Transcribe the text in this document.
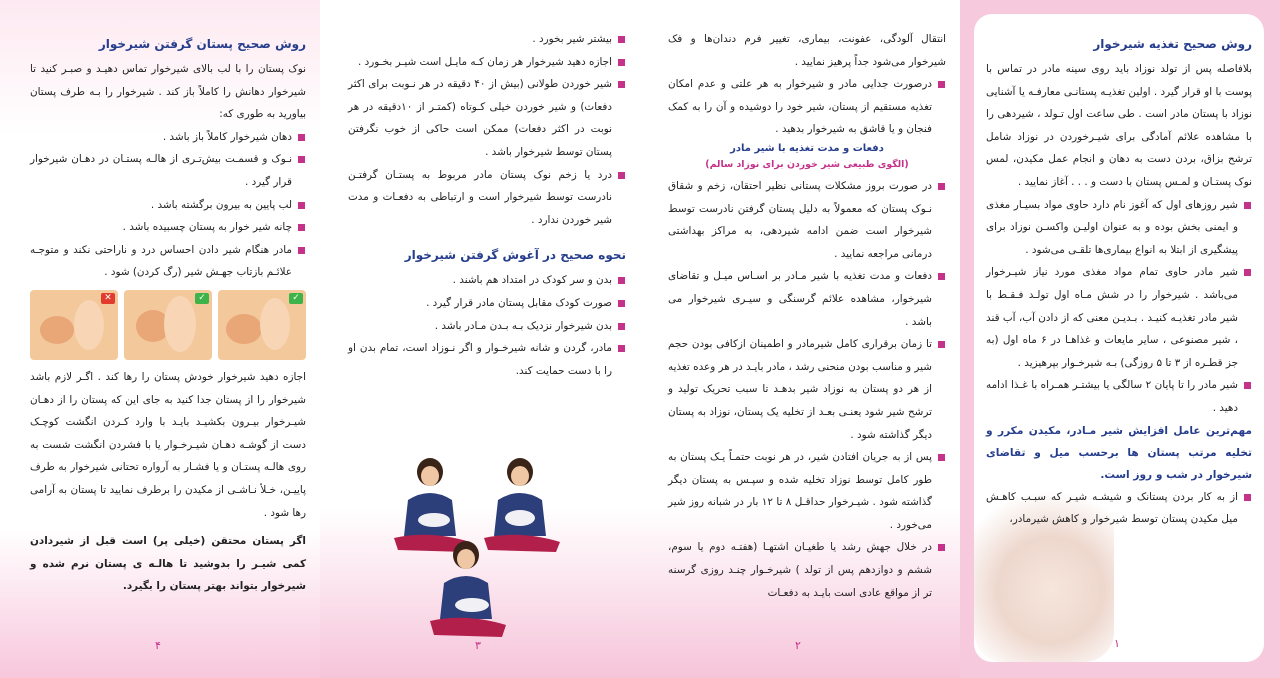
روش صحیح پستان گرفتن شیرخوار

نوک پستان را با لب بالای شیرخوار تماس دهیـد و صبـر کنید تا شیرخوار دهانش را کاملاً باز کند . شیرخوار را بـه طرف پستان بیاورید به طوری که:

دهان شیرخوار کاملاً باز باشد .
نـوک و قسمـت بیش‌تـری از هالـه پستـان در دهـان شیرخوار قرار گیرد .
لب پایین به بیرون برگشته باشد .
چانه شیر خوار به پستان چسبیده باشد .
مادر هنگام شیر دادن احساس درد و ناراحتی نکند و متوجـه علائـم بازتاب جهـش شیر (رگ کردن) شود .
✓
✓
✕

اجازه دهید شیرخوار خودش پستان را رها کند . اگـر لازم باشد شیرخوار را از پستان جدا کنید به جای این که پستان را از دهـان شیـرخوار بیـرون بکشیـد بایـد با وارد کـردن انگشت کوچـک دست از گوشـه دهـان شیـرخـوار یا با فشردن انگشت شست به روی هالـه پستـان و یا فشـار به آرواره تحتانی شیرخوار به طرف پاییـن، خـلأ نـاشـی از مکیدن را برطرف نمایید تا پستان به آرامی رها شود .

اگر پستان محتقن (خیلی پر) است قبل از شیردادن کمی شیـر را بدوشید تا هالـه ی پستان نرم شده و شیرخوار بتواند بهتر پستان را بگیرد.

۴
بیشتر شیر بخورد .
اجازه دهید شیرخوار هر زمان کـه مایـل است شیـر بخـورد .
شیر خوردن طولانی (بیش از ۴۰ دقیقه در هر نـوبت برای اکثر دفعات) و شیر خوردن خیلی کـوتاه (کمتـر از ۱۰دقیقه در هر نوبت در اکثر دفعات) ممکن است حاکی از خوب نگرفتن پستان توسط شیرخوار باشد .
درد یا زخم نوک پستان مادر مربوط به پستـان گرفتـن نادرست توسط شیرخوار است و ارتباطی به دفعـات و مدت شیر خوردن ندارد .
نحوه صحیح در آغوش گرفتن شیرخوار
بدن و سر کودک در امتداد هم باشند .
صورت کودک مقابل پستان مادر قرار گیرد .
بدن شیرخوار نزدیک بـه بـدن مـادر باشد .
مادر، گردن و شانه شیرخـوار و اگر نـوزاد است، تمام بدن او را با دست حمایت کند.
۳

انتقال آلودگی، عفونت، بیماری، تغییر فرم دندان‌ها و فک شیرخوار می‌شود جداً پرهیز نمایید .

درصورت جدایی مادر و شیرخوار به هر علتی و عدم امکان تغذیه مستقیم از پستان، شیر خود را دوشیده و آن را به کمک فنجان و یا قاشق به شیرخوار بدهید .
دفعات و مدت تغذیه با شیر مادر
(الگوی طبیعی شیر خوردن برای نوزاد سالم)
در صورت بروز مشکلات پستانی نظیر احتقان، زخم و شقاق نـوک پستان که معمولاً به دلیل پستان گرفتن نادرست توسط شیرخوار است ضمن ادامه شیردهی، به مراکز بهداشتی درمانی مراجعه نمایید .
دفعات و مدت تغذیه با شیر مـادر بر اسـاس میـل و تقاضای شیرخوار، مشاهده علائم گرسنگی و سیـری شیرخوار می باشد .
تا زمان برقراری کامل شیرمادر و اطمینان ازکافی بودن حجم شیر و مناسب بودن منحنی رشد ، مادر بایـد در هر وعده تغذیه از هر دو پستان به نوزاد شیر بدهـد تا سبب تحریک تولید و ترشح شیر شود یعنـی بعـد از تخلیه یک پستان، نوزاد به پستان دیگر گذاشته شود .
پس از به جریان افتادن شیر، در هر نوبت حتمـاً یـک پستان به طور کامل توسط نوزاد تخلیه شده و سپـس به پستان دیگر گذاشته شود . شیـرخوار حداقـل ۸ تا ۱۲ بار در شبانه روز شیر می‌خورد .
در خلال جهش رشد یا طغیـان اشتهـا (هفتـه دوم یا سوم، ششم و دوازدهم پس از تولد ) شیرخـوار چنـد روزی گرسنه تر از مواقع عادی است بایـد به دفعـات
۲
روش صحیح تغذیه شیرخوار

بلافاصله پس از تولد نوزاد باید روی سینه مادر در تماس با پوست با او قرار گیرد . اولین تغذیـه پستانـی معارفـه یا آشنایی نوزاد با پستان مادر است . طی ساعت اول تـولد ، شیردهی را با مشاهده علائم آمادگی برای شیـرخوردن در نوزاد شامل ترشح بزاق، بردن دست به دهان و انجام عمل مکیدن، لمس نوک پستـان و لمـس پستان با دست و . . . آغاز نمایید .

شیر روزهای اول که آغوز نام دارد حاوی مواد بسیـار مغذی و ایمنی بخش بوده و به عنوان اولیـن واکسـن نوزاد برای پیشگیری از ابتلا به انواع بیماری‌ها تلقـی می‌شود .
شیر مادر حاوی تمام مواد مغذی مورد نیاز شیـرخوار می‌باشد . شیرخوار را در شش مـاه اول تولـد فـقـط با شیر مادر تغذیـه کنیـد . بـدیـن معنی که از دادن آب، آب قند ، شیر مصنوعی ، سایر مایعات و غذاهـا در ۶ ماه اول (به جز قطـره از ۳ تا ۵ روزگی) بـه شیرخـوار بپرهیزید .
شیر مادر را تا پایان ۲ سالگی یا بیشتـر همـراه با غـذا ادامه دهید .
مهم‌ترین عامل افزایش شیر مـادر، مکیدن مکرر و تخلیه مرتب پستان ها برحسب میل و تقاضای شیرخوار در شب و روز است.
از به کار بردن پستانک و شیشـه شیـر که سبـب کاهـش میل مکیدن پستان توسط شیرخوار و کاهش شیرمادر،
۱
